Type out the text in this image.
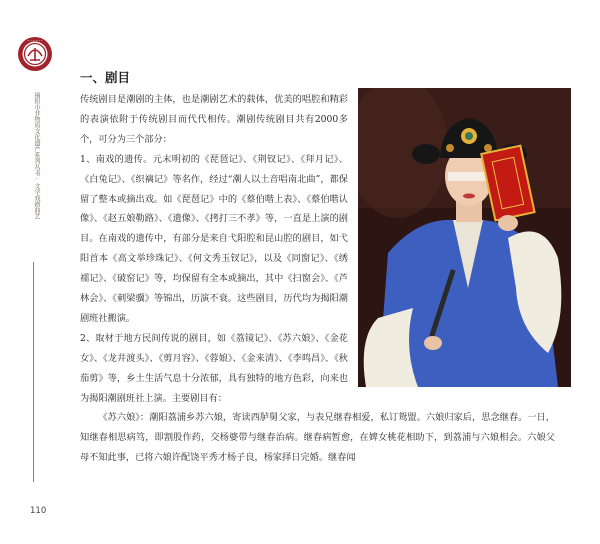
• • • • • •
揭阳市非物质文化遗产系列丛书·文学戏剧曲艺
110
一、剧目

传统剧目是潮剧的主体，也是潮剧艺术的载体，优美的唱腔和精彩的表演依附于传统剧目而代代相传。潮剧传统剧目共有2000多个，可分为三个部分：
1、南戏的遗传。元末明初的《琵琶记》、《荆钗记》、《拜月记》、《白兔记》、《织褵记》等名作，经过“潮人以土音唱南北曲”，都保留了整本或摘出戏。如《琵琶记》中的《蔡伯喈上表》、《蔡伯喈认像》、《赵五娘勒路》、《遗像》、《拷打三不孝》等，一直是上演的剧目。在南戏的遗传中，有部分是来自弋阳腔和昆山腔的剧目，如弋阳首本《高文举珍珠记》、《何文秀玉钗记》，以及《同窗记》、《绣襦记》、《破窑记》等，均保留有全本或摘出，其中《扫窗会》、《芦林会》、《刺梁骥》等锦出，历演不衰。这些剧目，历代均为揭阳潮剧班社搬演。
2、取材于地方民间传说的剧目，如《荔镜记》、《苏六娘》、《金花女》、《龙井渡头》、《剪月容》、《蓉娘》、《金来清》、《李鸣昌》、《秋茄剪》等，乡土生活气息十分浓郁，具有独特的地方色彩，向来也为揭阳潮剧班社上演。主要剧目有：

《苏六娘》：潮阳荔浦乡苏六娘，寄读西胪舅父家，与表兄继春相爱，私订鸳盟。六娘归家后，思念继春。一日，知继春相思病笃，即割股作药，交杨婆带与继春治病。继春病暂愈，在婢女桃花相助下，到荔浦与六娘相会。六娘父母不知此事，已将六娘许配饶平秀才杨子良，杨家择日完婚。继春闻
